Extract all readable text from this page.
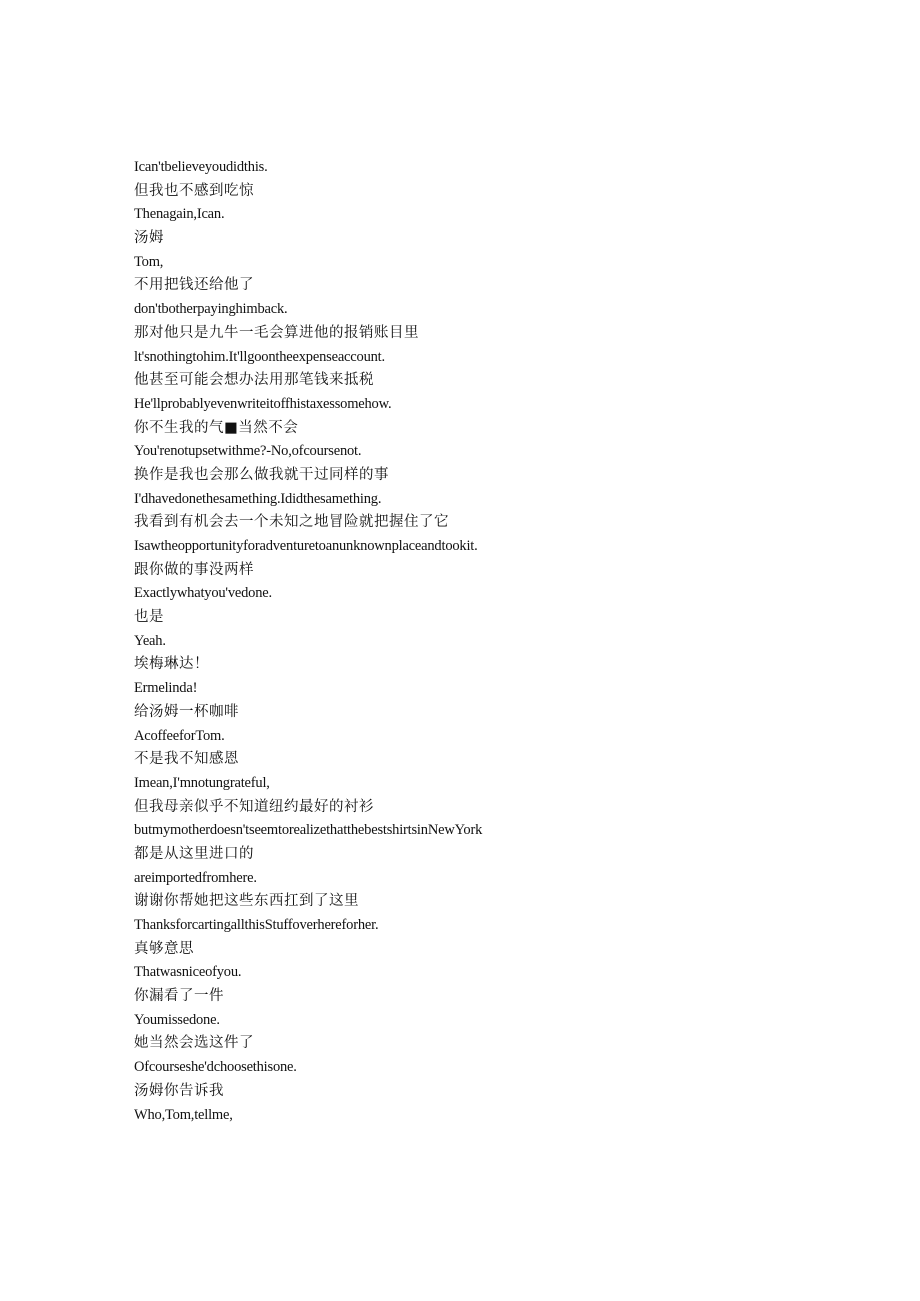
Ican'tbelieveyoudidthis.
但我也不感到吃惊
Thenagain,Ican.
汤姆
Tom,
不用把钱还给他了
don'tbotherpayinghimback.
那对他只是九牛一毛会算进他的报销账目里
lt'snothingtohim.It'llgoontheexpenseaccount.
他甚至可能会想办法用那笔钱来抵税
He'llprobablyevenwriteitoffhistaxessomehow.
你不生我的气■当然不会
You'renotupsetwithme?-No,ofcoursenot.
换作是我也会那么做我就干过同样的事
I'dhavedonethesamething.Ididthesamething.
我看到有机会去一个未知之地冒险就把握住了它
Isawtheopportunityforadventuretoanunknownplaceandtookit.
跟你做的事没两样
Exactlywhatyou'vedone.
也是
Yeah.
埃梅琳达！
Ermelinda!
给汤姆一杯咖啡
AcoffeeforTom.
不是我不知感恩
Imean,I'mnotungrateful,
但我母亲似乎不知道纽约最好的衬衫
butmymotherdoesn'tseemtorealizethatthebestshirtsinNewYork
都是从这里进口的
areimportedfromhere.
谢谢你帮她把这些东西扛到了这里
ThanksforcartingallthisStuffoverhereforher.
真够意思
Thatwasniceofyou.
你漏看了一件
Youmissedone.
她当然会选这件了
Ofcourseshe'dchoosethisone.
汤姆你告诉我
Who,Tom,tellme,
